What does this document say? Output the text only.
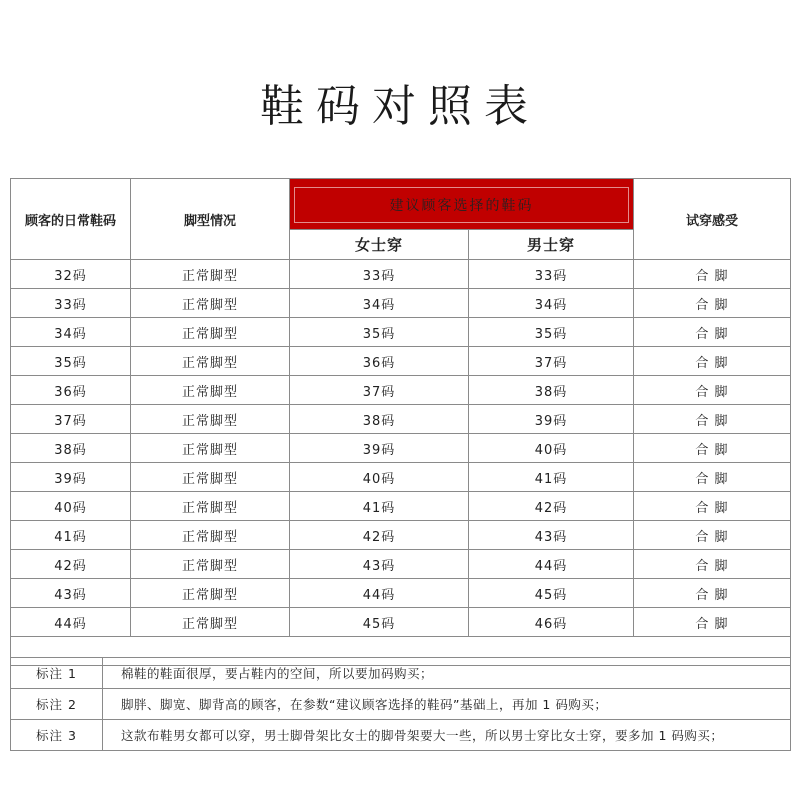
鞋码对照表
顾客的日常鞋码	脚型情况	建议顾客选择的鞋码		试穿感受
		女士穿	男士穿	
32码	正常脚型	33码	33码	合 脚
33码	正常脚型	34码	34码	合 脚
34码	正常脚型	35码	35码	合 脚
35码	正常脚型	36码	37码	合 脚
36码	正常脚型	37码	38码	合 脚
37码	正常脚型	38码	39码	合 脚
38码	正常脚型	39码	40码	合 脚
39码	正常脚型	40码	41码	合 脚
40码	正常脚型	41码	42码	合 脚
41码	正常脚型	42码	43码	合 脚
42码	正常脚型	43码	44码	合 脚
43码	正常脚型	44码	45码	合 脚
44码	正常脚型	45码	46码	合 脚

标注 1	棉鞋的鞋面很厚，要占鞋内的空间，所以要加码购买；
标注 2	脚胖、脚宽、脚背高的顾客，在参数“建议顾客选择的鞋码”基础上，再加 1 码购买；
标注 3	这款布鞋男女都可以穿，男士脚骨架比女士的脚骨架要大一些，所以男士穿比女士穿，要多加 1 码购买；
